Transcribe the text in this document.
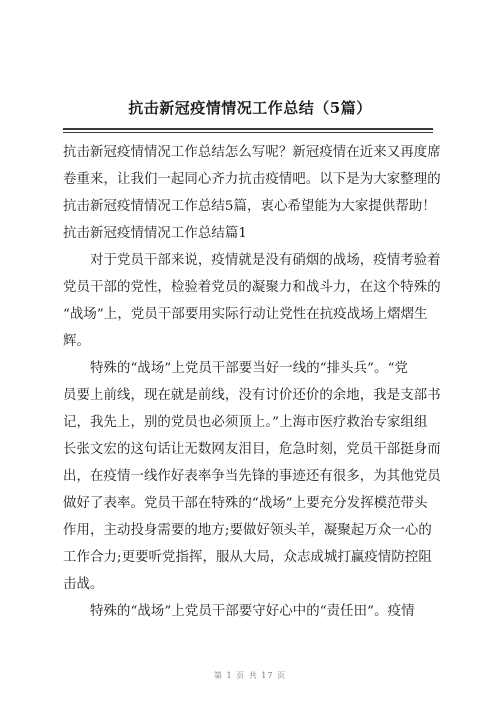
抗击新冠疫情情况工作总结（5篇）
抗击新冠疫情情况工作总结怎么写呢？新冠疫情在近来又再度席
卷重来，让我们一起同心齐力抗击疫情吧。以下是为大家整理的
抗击新冠疫情情况工作总结5篇，衷心希望能为大家提供帮助！
抗击新冠疫情情况工作总结篇1
对于党员干部来说，疫情就是没有硝烟的战场，疫情考验着
党员干部的党性，检验着党员的凝聚力和战斗力，在这个特殊的
“战场”上，党员干部要用实际行动让党性在抗疫战场上熠熠生
辉。
特殊的“战场”上党员干部要当好一线的“排头兵”。“党
员要上前线，现在就是前线，没有讨价还价的余地，我是支部书
记，我先上，别的党员也必须顶上。”上海市医疗救治专家组组
长张文宏的这句话让无数网友泪目，危急时刻，党员干部挺身而
出，在疫情一线作好表率争当先锋的事迹还有很多，为其他党员
做好了表率。党员干部在特殊的“战场”上要充分发挥模范带头
作用，主动投身需要的地方;要做好领头羊，凝聚起万众一心的
工作合力;更要听党指挥，服从大局，众志成城打赢疫情防控阻
击战。
特殊的“战场”上党员干部要守好心中的“责任田”。疫情
第 1 页 共 17 页
